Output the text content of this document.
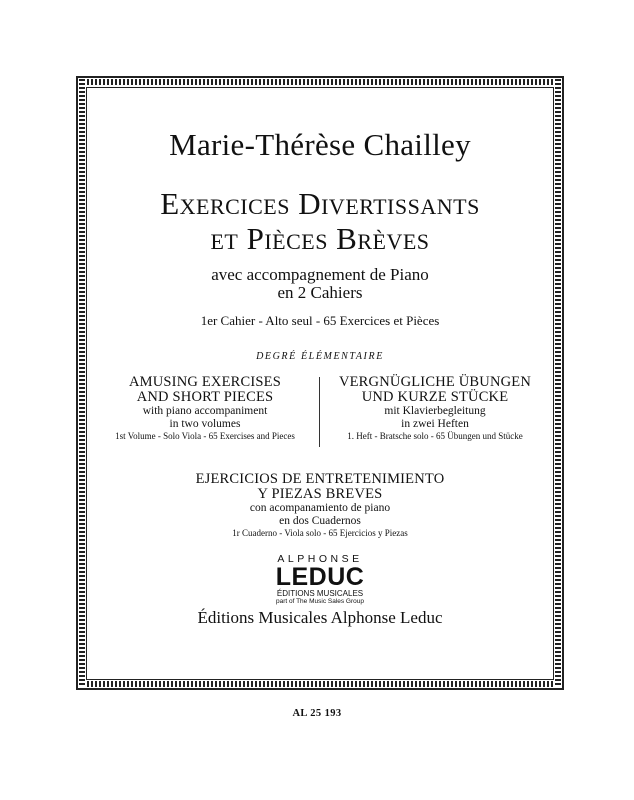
Marie-Thérèse Chailley
Exercices Divertissants
et Pièces Brèves
avec accompagnement de Piano
en 2 Cahiers
1er Cahier - Alto seul - 65 Exercices et Pièces
DEGRÉ ÉLÉMENTAIRE
AMUSING EXERCISES
AND SHORT PIECES
with piano accompaniment
in two volumes
1st Volume - Solo Viola - 65 Exercises and Pieces
VERGNÜGLICHE ÜBUNGEN
UND KURZE STÜCKE
mit Klavierbegleitung
in zwei Heften
1. Heft - Bratsche solo - 65 Übungen und Stücke
EJERCICIOS DE ENTRETENIMIENTO
Y PIEZAS BREVES
con acompanamiento de piano
en dos Cuadernos
1r Cuaderno - Viola solo - 65 Ejercicios y Piezas
ALPHONSE
LEDUC
ÉDITIONS MUSICALES
part of The Music Sales Group
Éditions Musicales Alphonse Leduc
AL 25 193
